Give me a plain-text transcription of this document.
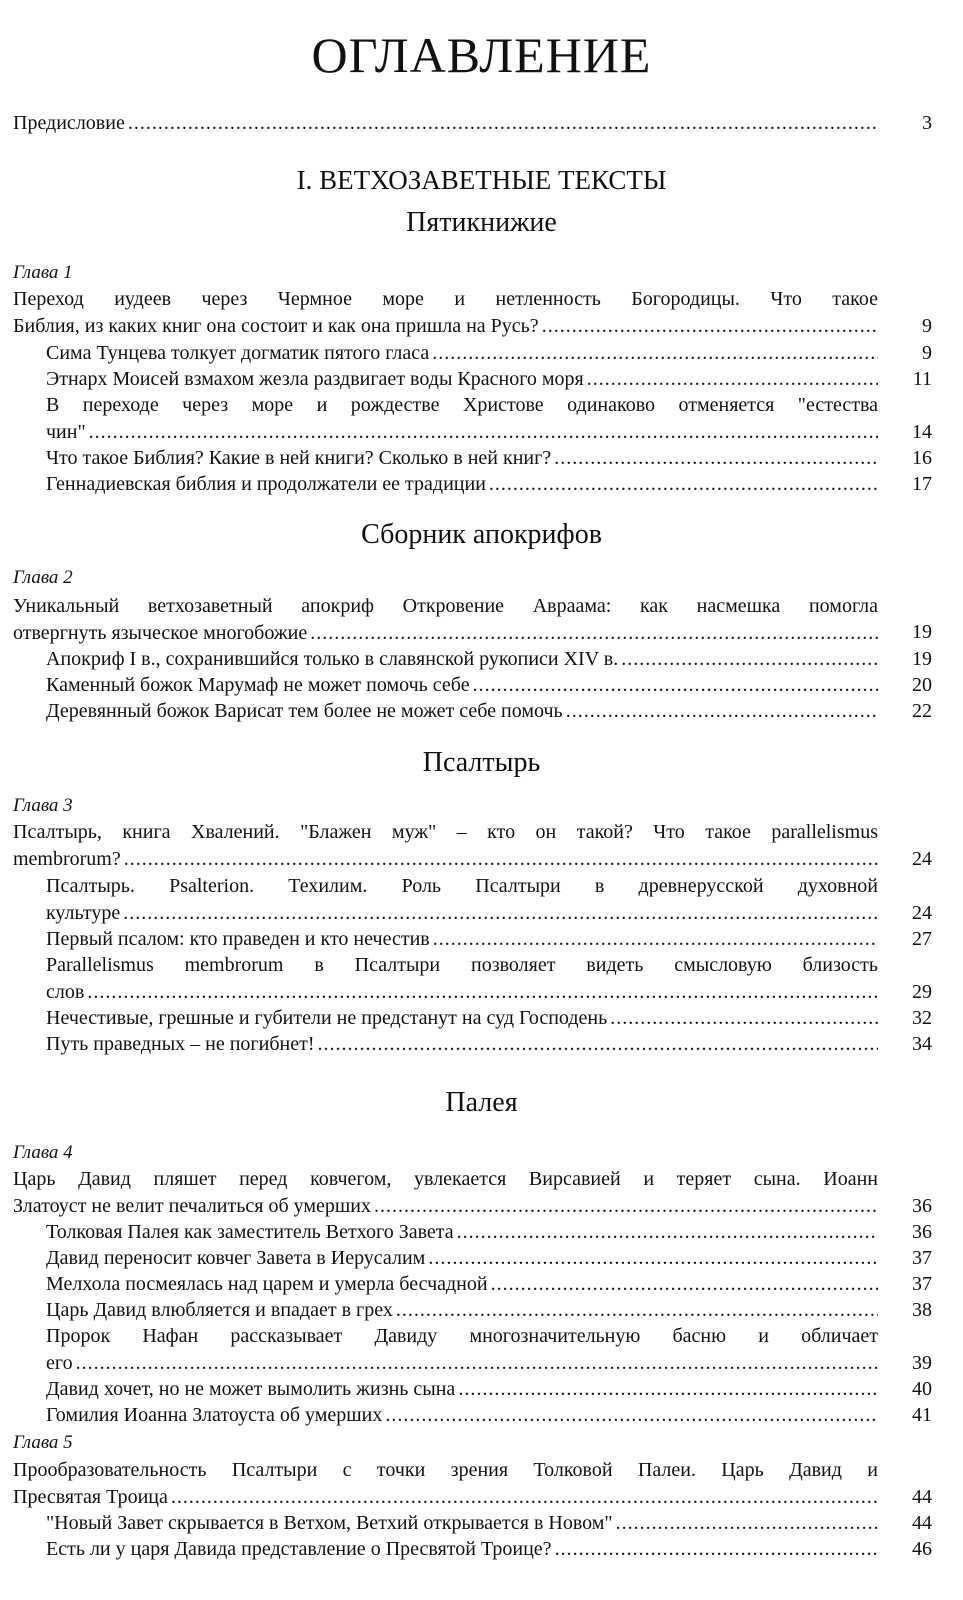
ОГЛАВЛЕНИЕ
Предисловие .....	3
I. ВЕТХОЗАВЕТНЫЕ ТЕКСТЫ
Пятикнижие
Глава 1
Переход иудеев через Чермное море и нетленность Богородицы. Что такое
Библия, из каких книг она состоит и как она пришла на Русь? .....	9
Сима Тунцева толкует догматик пятого гласа .....	9
Этнарх Моисей взмахом жезла раздвигает воды Красного моря .....	11
В переходе через море и рождестве Христове одинаково отменяется "естества
чин" .....	14
Что такое Библия? Какие в ней книги? Сколько в ней книг? .....	16
Геннадиевская библия и продолжатели ее традиции .....	17
Сборник апокрифов
Глава 2
Уникальный ветхозаветный апокриф Откровение Авраама: как насмешка помогла
отвергнуть языческое многобожие .....	19
Апокриф I в., сохранившийся только в славянской рукописи XIV в. .....	19
Каменный божок Марумаф не может помочь себе .....	20
Деревянный божок Варисат тем более не может себе помочь .....	22
Псалтырь
Глава 3
Псалтырь, книга Хвалений. "Блажен муж" – кто он такой? Что такое parallelismus
membrorum? .....	24
Псалтырь. Psalterion. Техилим. Роль Псалтыри в древнерусской духовной
культуре .....	24
Первый псалом: кто праведен и кто нечестив .....	27
Parallelismus membrorum в Псалтыри позволяет видеть смысловую близость
слов .....	29
Нечестивые, грешные и губители не предстанут на суд Господень .....	32
Путь праведных – не погибнет! .....	34
Палея
Глава 4
Царь Давид пляшет перед ковчегом, увлекается Вирсавией и теряет сына. Иоанн
Златоуст не велит печалиться об умерших .....	36
Толковая Палея как заместитель Ветхого Завета .....	36
Давид переносит ковчег Завета в Иерусалим .....	37
Мелхола посмеялась над царем и умерла бесчадной .....	37
Царь Давид влюбляется и впадает в грех .....	38
Пророк Нафан рассказывает Давиду многозначительную басню и обличает
его .....	39
Давид хочет, но не может вымолить жизнь сына .....	40
Гомилия Иоанна Златоуста об умерших .....	41
Глава 5
Прообразовательность Псалтыри с точки зрения Толковой Палеи. Царь Давид и
Пресвятая Троица .....	44
"Новый Завет скрывается в Ветхом, Ветхий открывается в Новом" .....	44
Есть ли у царя Давида представление о Пресвятой Троице? .....	46
